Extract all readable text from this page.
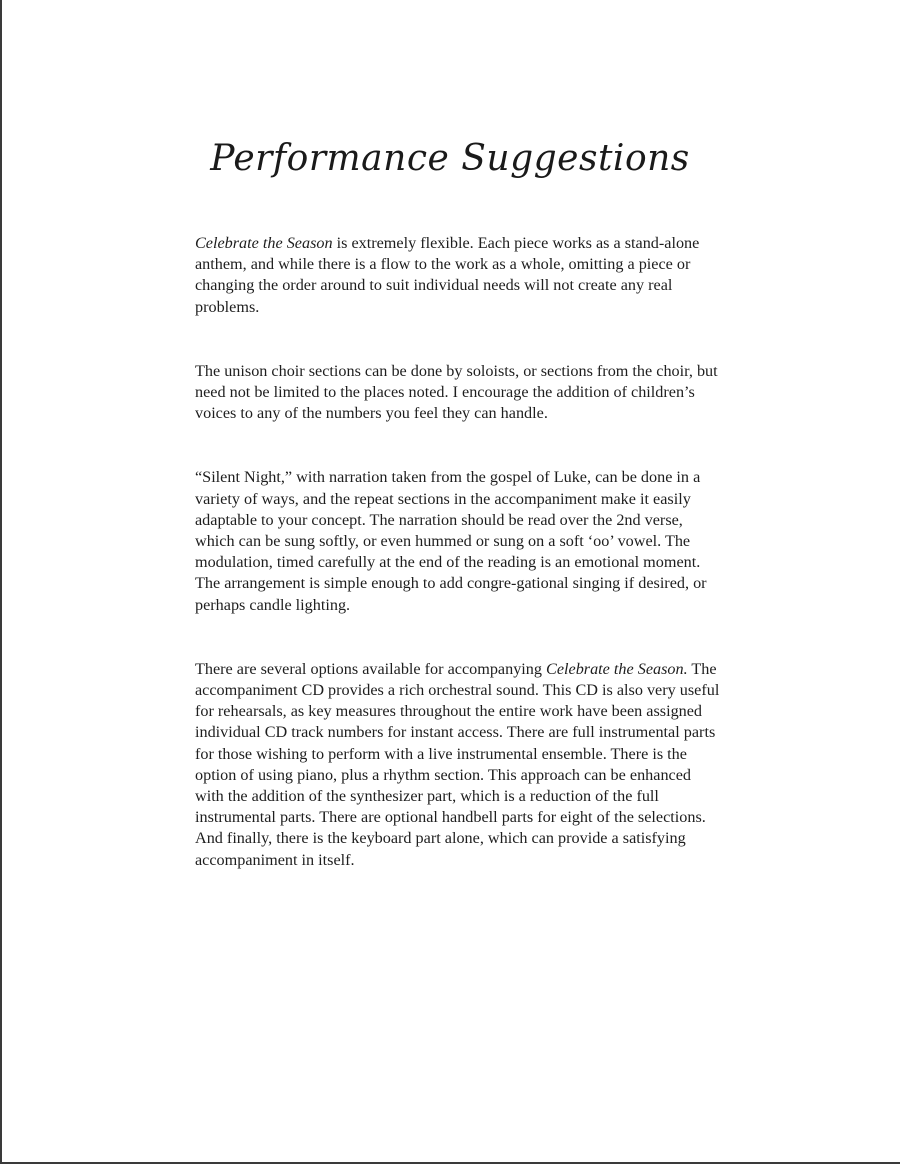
Performance Suggestions

Celebrate the Season is extremely flexible. Each piece works as a stand-alone anthem, and while there is a flow to the work as a whole, omitting a piece or changing the order around to suit individual needs will not create any real problems.

The unison choir sections can be done by soloists, or sections from the choir, but need not be limited to the places noted. I encourage the addition of children’s voices to any of the numbers you feel they can handle.

“Silent Night,” with narration taken from the gospel of Luke, can be done in a variety of ways, and the repeat sections in the accompaniment make it easily adaptable to your concept. The narration should be read over the 2nd verse, which can be sung softly, or even hummed or sung on a soft ‘oo’ vowel. The modulation, timed carefully at the end of the reading is an emotional moment. The arrangement is simple enough to add congre-gational singing if desired, or perhaps candle lighting.

There are several options available for accompanying Celebrate the Season. The accompaniment CD provides a rich orchestral sound. This CD is also very useful for rehearsals, as key measures throughout the entire work have been assigned individual CD track numbers for instant access. There are full instrumental parts for those wishing to perform with a live instrumental ensemble. There is the option of using piano, plus a rhythm section. This approach can be enhanced with the addition of the synthesizer part, which is a reduction of the full instrumental parts. There are optional handbell parts for eight of the selections. And finally, there is the keyboard part alone, which can provide a satisfying accompaniment in itself.
